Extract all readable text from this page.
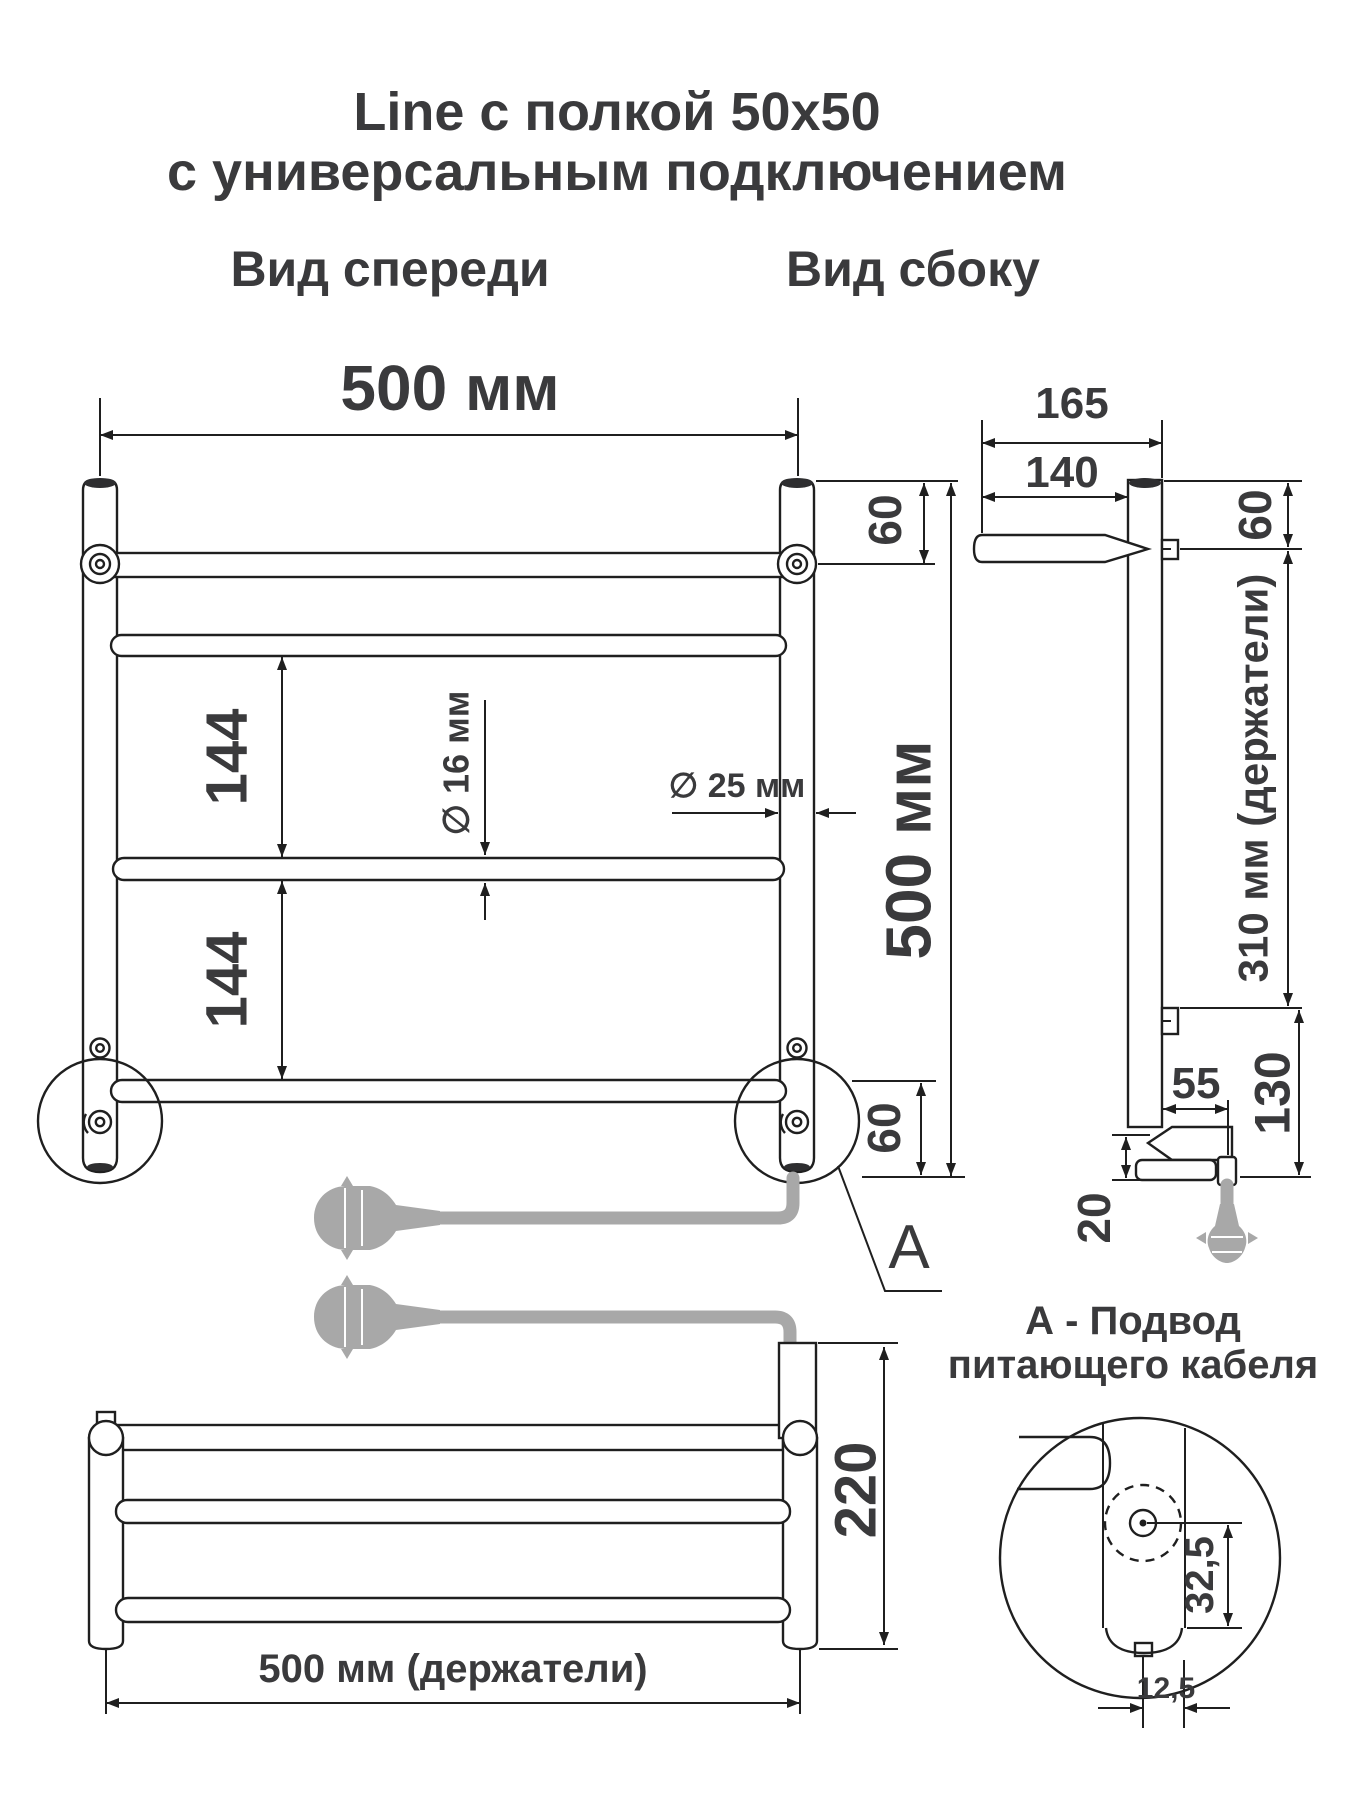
Line с полкой 50x50
с универсальным подключением
Вид спереди	Вид сбоку
500 мм
144
144
∅ 16 мм	∅ 25 мм
60
500 мм
60
А
165
140
60
310 мм (держатели)
55 130
20
220
500 мм (держатели)
А - Подвод
питающего кабеля
32,5
12,5
